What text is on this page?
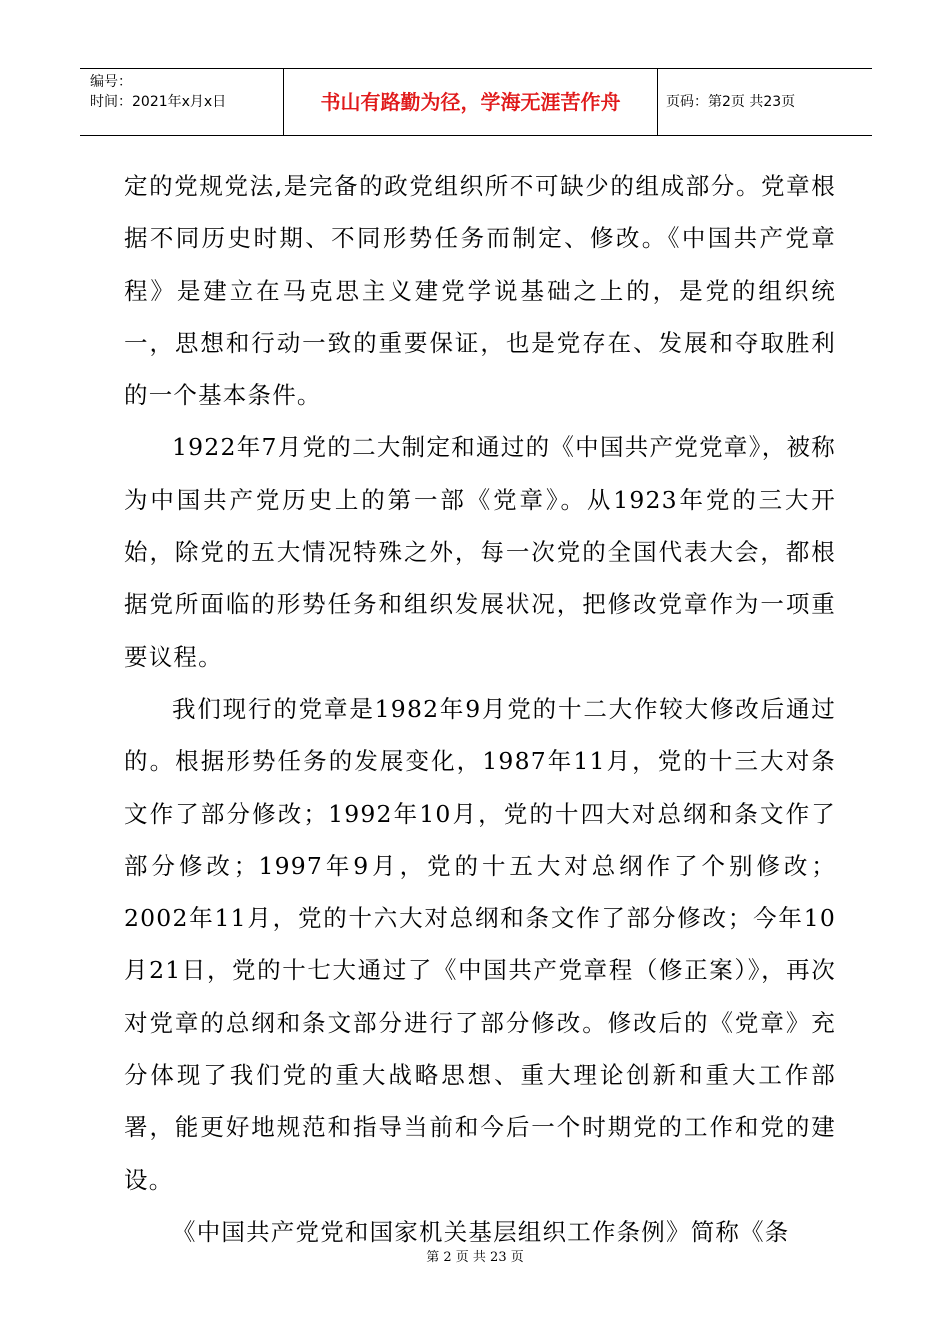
编号：
时间：2021年x月x日	书山有路勤为径，学海无涯苦作舟	页码：第2页 共23页

定的党规党法,是完备的政党组织所不可缺少的组成部分。党章根据不同历史时期、不同形势任务而制定、修改。《中国共产党章程》是建立在马克思主义建党学说基础之上的，是党的组织统一，思想和行动一致的重要保证，也是党存在、发展和夺取胜利的一个基本条件。

1922年7月党的二大制定和通过的《中国共产党党章》，被称为中国共产党历史上的第一部《党章》。从1923年党的三大开始，除党的五大情况特殊之外，每一次党的全国代表大会，都根据党所面临的形势任务和组织发展状况，把修改党章作为一项重要议程。

我们现行的党章是1982年9月党的十二大作较大修改后通过的。根据形势任务的发展变化，1987年11月，党的十三大对条文作了部分修改；1992年10月，党的十四大对总纲和条文作了部分修改；1997年9月，党的十五大对总纲作了个别修改；2002年11月，党的十六大对总纲和条文作了部分修改；今年10月21日，党的十七大通过了《中国共产党章程（修正案）》，再次对党章的总纲和条文部分进行了部分修改。修改后的《党章》充分体现了我们党的重大战略思想、重大理论创新和重大工作部署，能更好地规范和指导当前和今后一个时期党的工作和党的建设。

《中国共产党党和国家机关基层组织工作条例》简称《条

第 2 页 共 23 页
